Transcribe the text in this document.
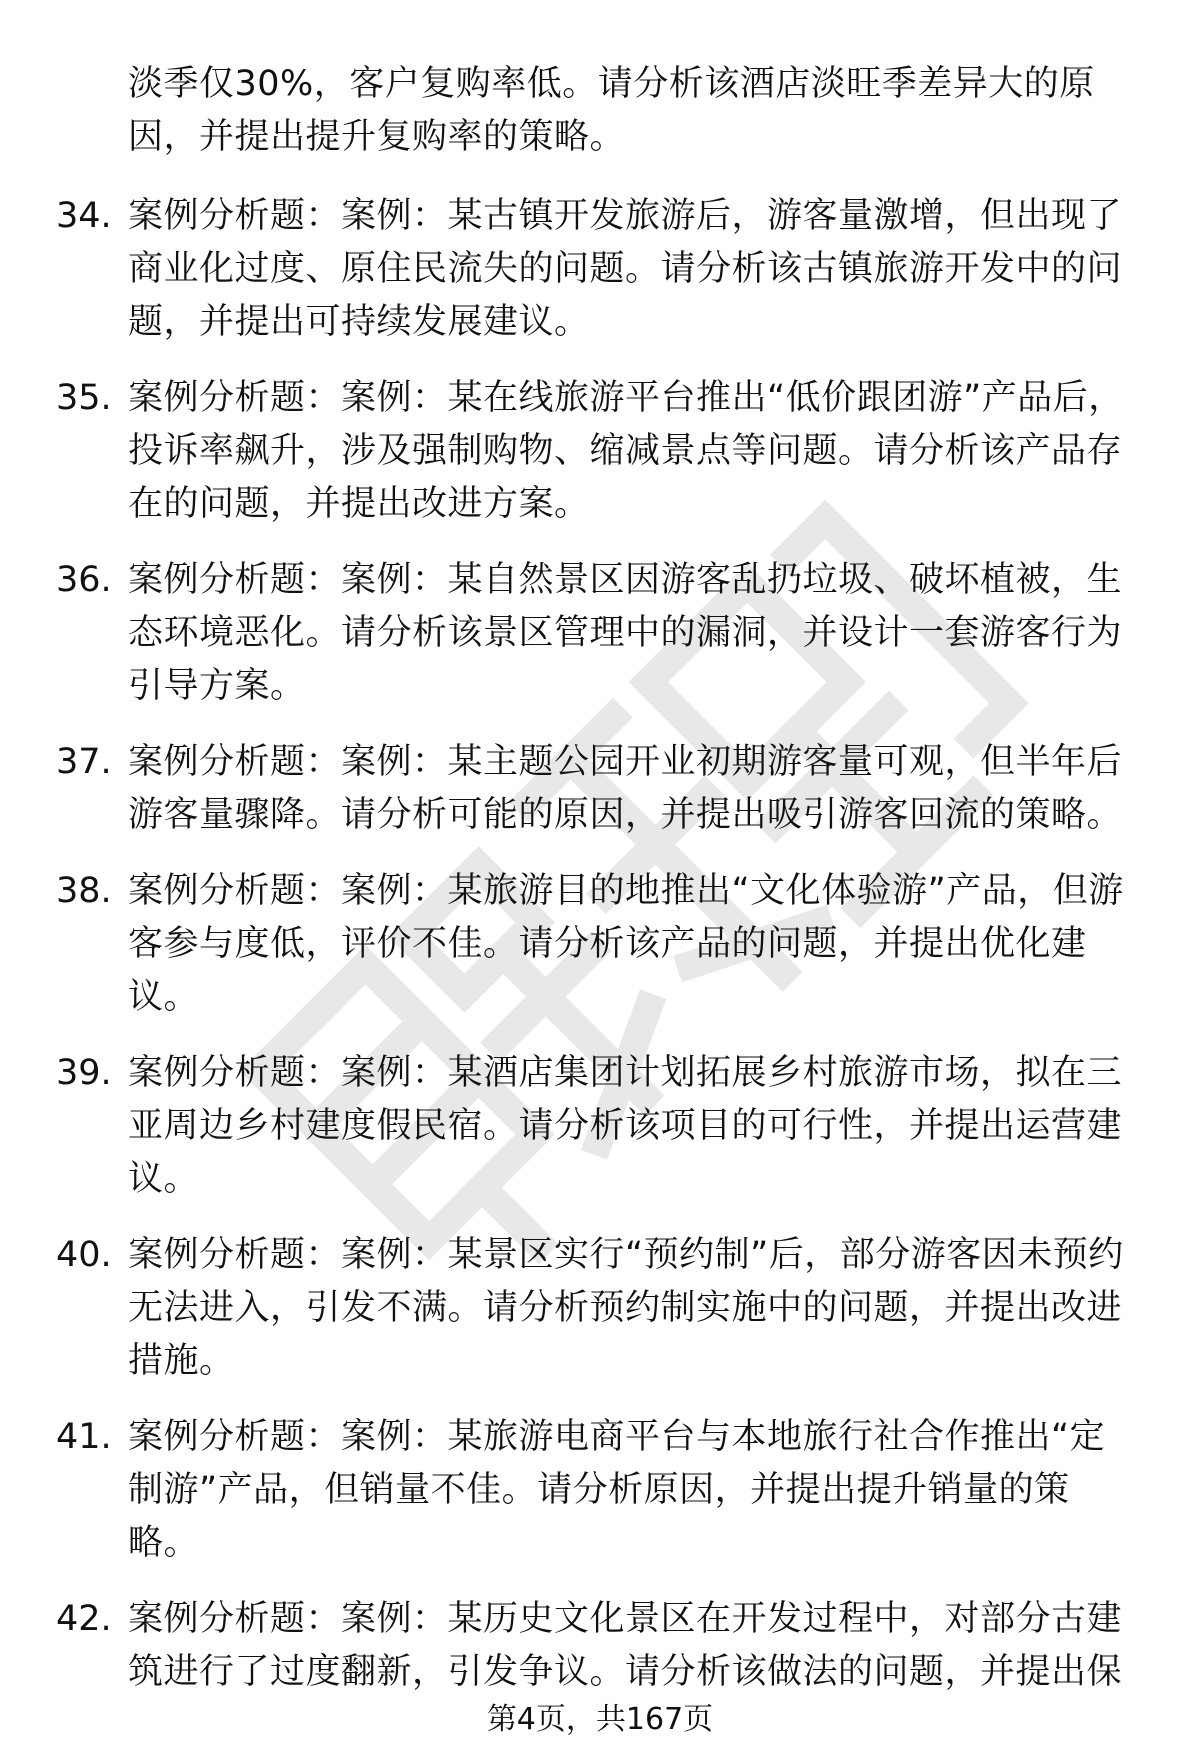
淡季仅30%，客户复购率低。请分析该酒店淡旺季差异大的原因，并提出提升复购率的策略。
34. 案例分析题：案例：某古镇开发旅游后，游客量激增，但出现了商业化过度、原住民流失的问题。请分析该古镇旅游开发中的问题，并提出可持续发展建议。
35. 案例分析题：案例：某在线旅游平台推出“低价跟团游”产品后，投诉率飙升，涉及强制购物、缩减景点等问题。请分析该产品存在的问题，并提出改进方案。
36. 案例分析题：案例：某自然景区因游客乱扔垃圾、破坏植被，生态环境恶化。请分析该景区管理中的漏洞，并设计一套游客行为引导方案。
37. 案例分析题：案例：某主题公园开业初期游客量可观，但半年后游客量骤降。请分析可能的原因，并提出吸引游客回流的策略。
38. 案例分析题：案例：某旅游目的地推出“文化体验游”产品，但游客参与度低，评价不佳。请分析该产品的问题，并提出优化建议。
39. 案例分析题：案例：某酒店集团计划拓展乡村旅游市场，拟在三亚周边乡村建度假民宿。请分析该项目的可行性，并提出运营建议。
40. 案例分析题：案例：某景区实行“预约制”后，部分游客因未预约无法进入，引发不满。请分析预约制实施中的问题，并提出改进措施。
41. 案例分析题：案例：某旅游电商平台与本地旅行社合作推出“定制游”产品，但销量不佳。请分析原因，并提出提升销量的策略。
42. 案例分析题：案例：某历史文化景区在开发过程中，对部分古建筑进行了过度翻新，引发争议。请分析该做法的问题，并提出保
第4页，共167页
